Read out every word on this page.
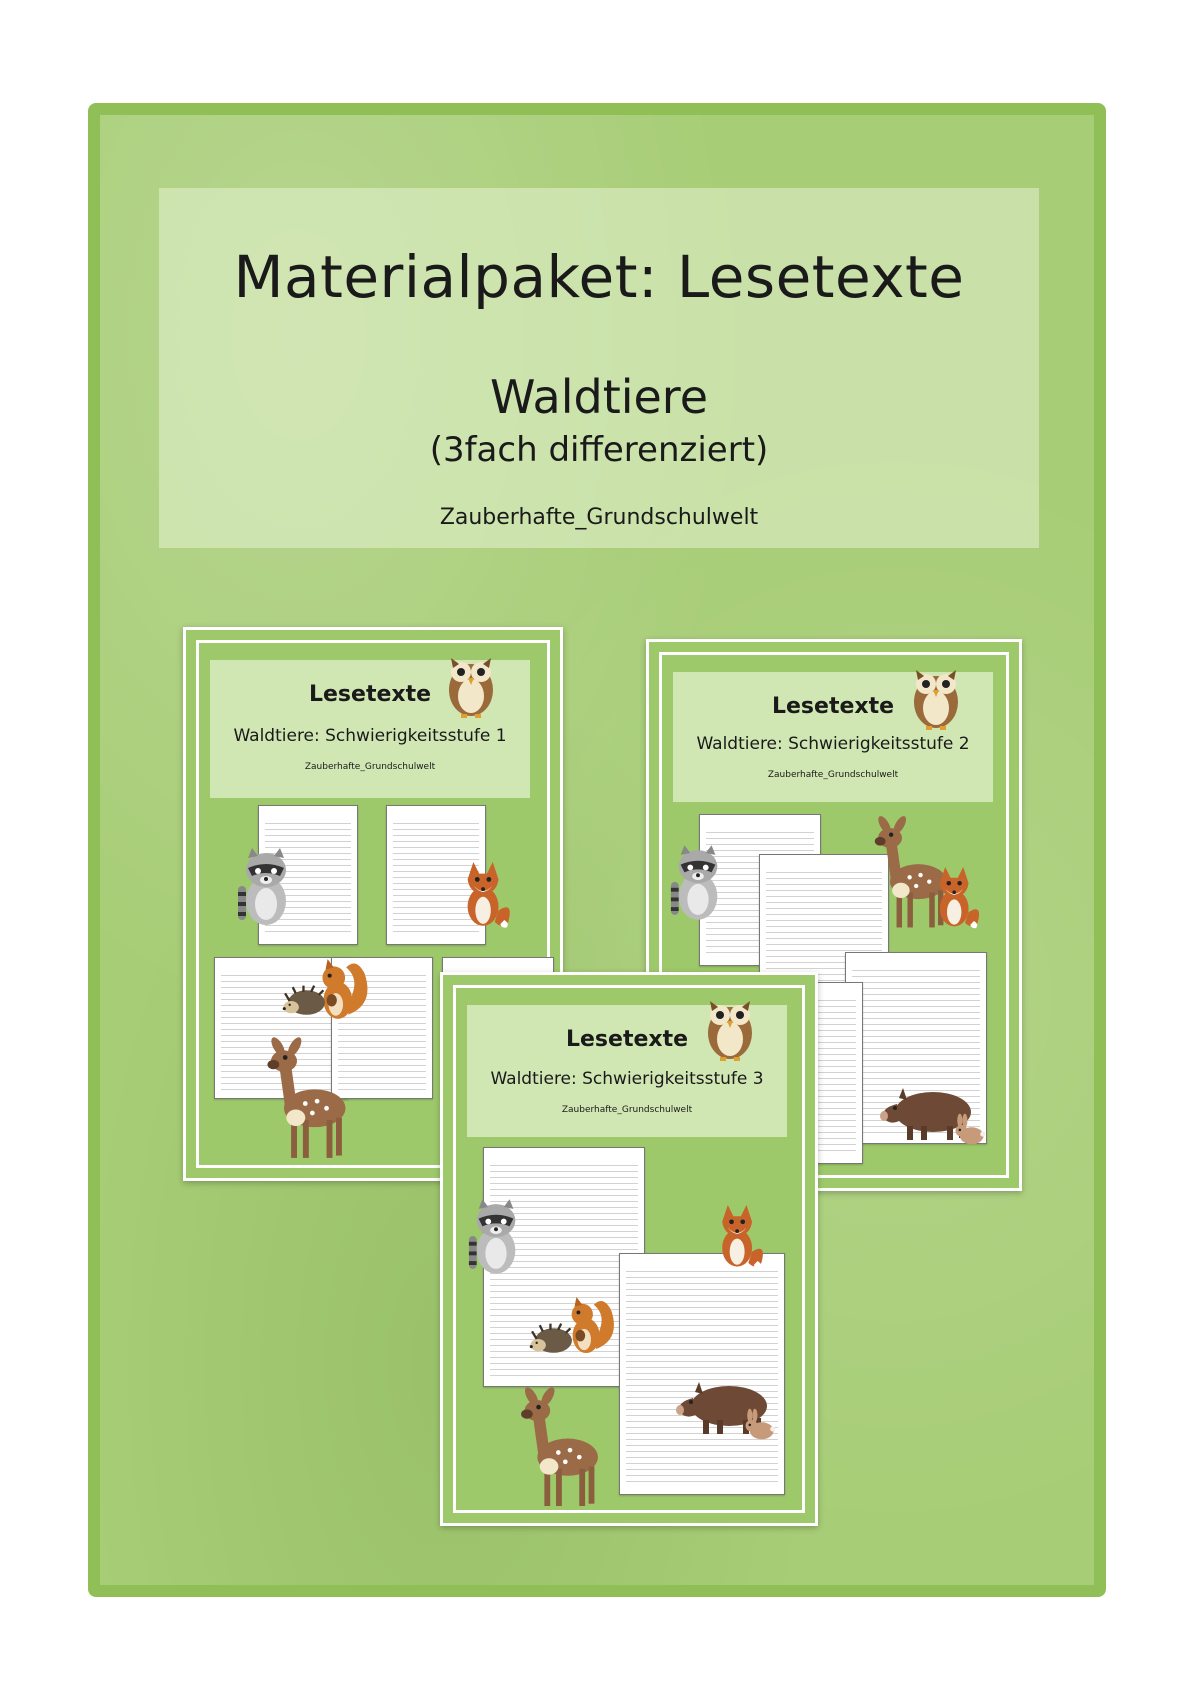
Materialpaket: Lesetexte
Waldtiere
(3fach differenziert)
Zauberhafte_Grundschulwelt
Lesetexte
Waldtiere: Schwierigkeitsstufe 1
Zauberhafte_Grundschulwelt
Lesetexte
Waldtiere: Schwierigkeitsstufe 2
Zauberhafte_Grundschulwelt
Lesetexte
Waldtiere: Schwierigkeitsstufe 3
Zauberhafte_Grundschulwelt
